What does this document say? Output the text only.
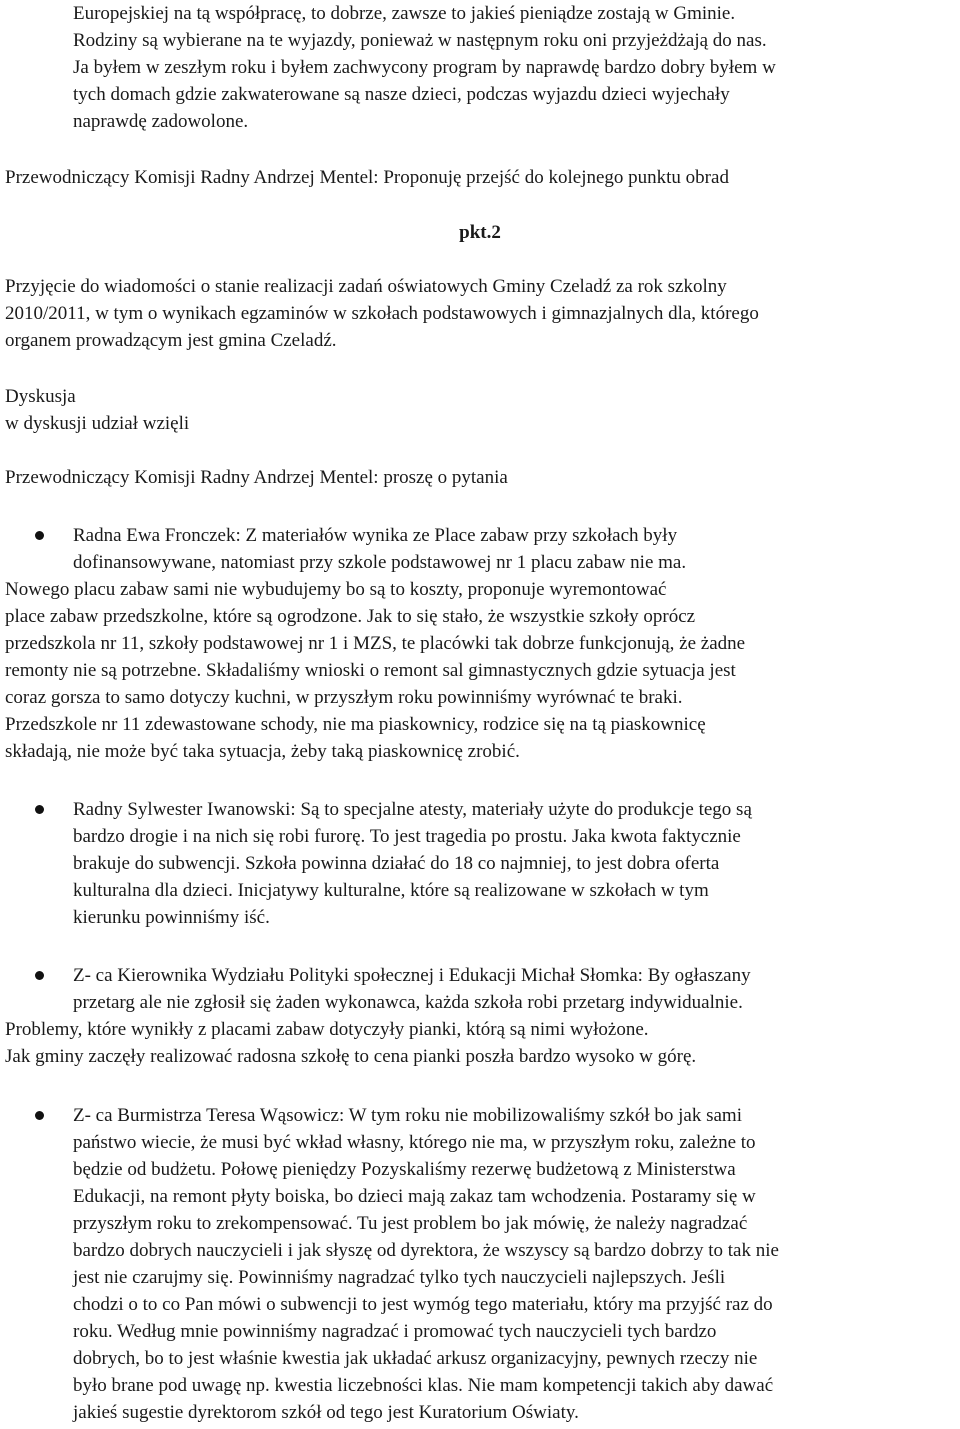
Europejskiej na tą współpracę, to dobrze, zawsze to jakieś pieniądze zostają w Gminie.
Rodziny są wybierane na te wyjazdy, ponieważ w następnym roku oni przyjeżdżają do nas.
Ja byłem w zeszłym roku i byłem zachwycony program by naprawdę bardzo dobry byłem w
tych domach gdzie zakwaterowane są nasze dzieci, podczas wyjazdu dzieci wyjechały
naprawdę zadowolone.
Przewodniczący Komisji Radny Andrzej Mentel: Proponuję przejść do kolejnego punktu obrad
pkt.2
Przyjęcie do wiadomości o stanie realizacji zadań oświatowych Gminy Czeladź za rok szkolny
2010/2011, w tym o wynikach egzaminów w szkołach podstawowych i gimnazjalnych dla, którego
organem prowadzącym jest gmina Czeladź.
Dyskusja
w dyskusji udział wzięli
Przewodniczący Komisji Radny Andrzej Mentel: proszę o pytania
Radna Ewa Fronczek: Z materiałów wynika ze Place zabaw przy szkołach były
dofinansowywane, natomiast przy szkole podstawowej nr 1 placu zabaw nie ma.
Nowego placu zabaw sami nie wybudujemy bo są to koszty, proponuje wyremontować
place zabaw przedszkolne, które są ogrodzone. Jak to się stało, że wszystkie szkoły oprócz
przedszkola nr 11, szkoły podstawowej nr 1 i MZS, te placówki tak dobrze funkcjonują, że żadne
remonty nie są potrzebne. Składaliśmy wnioski o remont sal gimnastycznych gdzie sytuacja jest
coraz gorsza to samo dotyczy kuchni, w przyszłym roku powinniśmy wyrównać te braki.
Przedszkole nr 11 zdewastowane schody, nie ma piaskownicy, rodzice się na tą piaskownicę
składają, nie może być taka sytuacja, żeby taką piaskownicę zrobić.
Radny Sylwester Iwanowski: Są to specjalne atesty, materiały użyte do produkcje tego są
bardzo drogie i na nich się robi furorę. To jest tragedia po prostu. Jaka kwota faktycznie
brakuje do subwencji. Szkoła powinna działać do 18 co najmniej, to jest dobra oferta
kulturalna dla dzieci. Inicjatywy kulturalne, które są realizowane w szkołach w tym
kierunku powinniśmy iść.
Z- ca Kierownika Wydziału Polityki społecznej i Edukacji Michał Słomka: By ogłaszany
przetarg ale nie zgłosił się żaden wykonawca, każda szkoła robi przetarg indywidualnie.
Problemy, które wynikły z placami zabaw dotyczyły pianki, którą są nimi wyłożone.
Jak gminy zaczęły realizować radosna szkołę to cena pianki poszła bardzo wysoko w górę.
Z- ca Burmistrza Teresa Wąsowicz: W tym roku nie mobilizowaliśmy szkół bo jak sami
państwo wiecie, że musi być wkład własny, którego nie ma, w przyszłym roku, zależne to
będzie od budżetu. Połowę pieniędzy Pozyskaliśmy rezerwę budżetową z Ministerstwa
Edukacji, na remont płyty boiska, bo dzieci mają zakaz tam wchodzenia. Postaramy się w
przyszłym roku to zrekompensować. Tu jest problem bo jak mówię, że należy nagradzać
bardzo dobrych nauczycieli i jak słyszę od dyrektora, że wszyscy są bardzo dobrzy to tak nie
jest nie czarujmy się. Powinniśmy nagradzać tylko tych nauczycieli najlepszych. Jeśli
chodzi o to co Pan mówi o subwencji to jest wymóg tego materiału, który ma przyjść raz do
roku. Według mnie powinniśmy nagradzać i promować tych nauczycieli tych bardzo
dobrych, bo to jest właśnie kwestia jak układać arkusz organizacyjny, pewnych rzeczy nie
było brane pod uwagę np. kwestia liczebności klas. Nie mam kompetencji takich aby dawać
jakieś sugestie dyrektorom szkół od tego jest Kuratorium Oświaty.
